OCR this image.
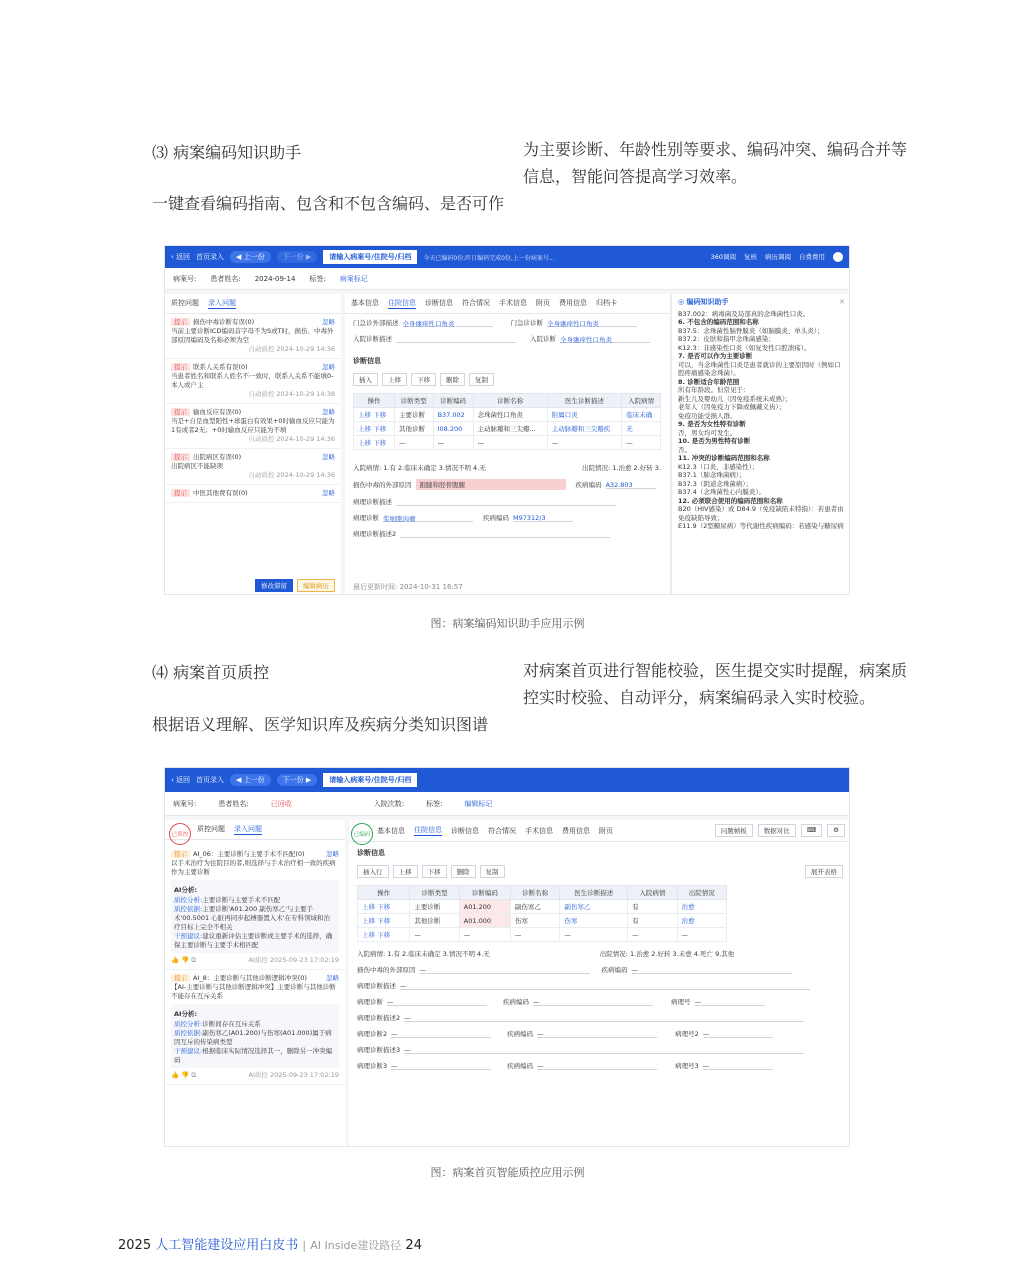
⑶ 病案编码知识助手
一键查看编码指南、包含和不包含编码、是否可作
为主要诊断、年龄性别等要求、编码冲突、编码合并等
信息，智能问答提高学习效率。
‹ 返回 首页录入	◀ 上一份	下一份 ▶	请输入病案号/住院号/归档	今天已编码0份,昨日编码完成0份,上一份病案号...	360调阅 复核 病历调阅 自费费用
病案号: 患者姓名: 2024-09-14 标签: 病案标记
质控问题 录入问题
提示 损伤中毒诊断有误(0)	忽略
当前主要诊断ICD编码首字母不为S或T时，损伤、中毒外部原因编码及名称必须为空
自动质控 2024-10-29 14:36
提示 联系人关系有误(0)	忽略
当患者姓名和联系人姓名不一致时，联系人关系不能填0-本人或户主
自动质控 2024-10-29 14:38
提示 输血反应有误(0)	忽略
当是+自是血型阳性+球蛋白有效果+0时输血反应只能为1有或者2无；+0时输血反应只能为不填
自动质控 2024-10-29 14:36
提示 出院病区有误(0)	忽略
出院病区不能缺项
自动质控 2024-10-29 14:36
提示 中医其他费有误(0)	忽略
修改滞留	编辑病历
基本信息 住院信息 诊断信息 符合情况 手术信息 附页 费用信息 归档卡
门急诊外部描述 全身瘙痒性口角炎	门急诊诊断 全身瘙痒性口角炎
入院诊断描述	入院诊断 全身瘙痒性口角炎
诊断信息
插入	上移	下移	删除	复制
操作	诊断类型	诊断编码	诊断名称	医生诊断描述	入院病情
上移 下移	主要诊断	B37.002	念珠菌性口角炎	附属口炎	临床未确
上移 下移	其他诊断	I08.200	主动脉瓣和三尖瓣...	主动脉瓣和三尖瓣疾	无
上移 下移	—	—	—	—	—
入院病情: 1.有 2.临床未确定 3.情况不明 4.无	出院情况: 1.治愈 2.好转 3.
损伤中毒的外部原因	跟腱和胫骨腹腿	疾病编码 A32.803
病理诊断描述
病理诊断 浆细胞肉瘤	疾病编码 M97312/3
病理诊断描述2
最后更新时间: 2024-10-31 16:57
◎ 编码知识助手	✕
B37.002：病毒菌及局部真的念珠菌性口炎。
6. 不包含的编码范围和名称
B37.5：念珠菌性脑脊膜炎（如脑膜炎、单头炎）；
B37.2：皮肤和指甲念珠菌感染；
K12.3：非感染性口炎（如复发性口腔溃疡）。
7. 是否可以作为主要诊断
可以，当念珠菌性口炎是患者就诊的主要原因时（例如口腔疼痛感染念珠菌）。
8. 诊断适合年龄范围
所有年龄段。但常见于：
新生儿及婴幼儿（因免疫系统未成熟）；
老年人（因免疫力下降或佩戴义齿）；
免疫功能受损人群。
9. 是否为女性特有诊断
否，男女均可发生。
10. 是否为男性特有诊断
否。
11. 冲突的诊断编码范围和名称
K12.3（口炎、非感染性）；
B37.1（肺念珠菌病）；
B37.3（阴道念珠菌病）；
B37.4（念珠菌性心内膜炎）。
12. 必须联合使用的编码范围和名称
B20（HIV感染）或 D84.9（免疫缺陷未特指）：若患者由免疫缺陷导致；
E11.9（2型糖尿病）等代谢性疾病编码：若感染与糖尿病
图：病案编码知识助手应用示例
⑷ 病案首页质控
根据语义理解、医学知识库及疾病分类知识图谱
对病案首页进行智能校验，医生提交实时提醒，病案质
控实时校验、自动评分，病案编码录入实时校验。
‹ 返回 首页录入	◀ 上一份	下一份 ▶	请输入病案号/住院号/归档
病案号:	患者姓名:	已回收	入院次数:	标签:	编辑标记
已质控
质控问题 录入问题
提示 AI_06：主要诊断与主要手术不匹配(0)	忽略
以手术治疗为住院目的者,则选择与手术治疗相一致的疾病作为主要诊断
AI分析:
质控分析:主要诊断与主要手术不匹配
质控依据:主要诊断'A01.200 副伤寒乙'与主要手术'00.5001 心脏再同步起搏器置入术'在专科领域和治疗目标上完全不相关
干预建议:建议重新评估主要诊断或主要手术的选择，确保主要诊断与主要手术相匹配
👍 👎 ⧉	AI质控 2025-09-23 17:02:19
提示 AI_8：主要诊断与其他诊断逻辑冲突(0)	忽略
【AI-主要诊断与其他诊断逻辑冲突】主要诊断与其他诊断不能存在互斥关系
AI分析:
质控分析:诊断间存在互斥关系
质控依据:副伤寒乙(A01.200)与伤寒(A01.000)属于病因互斥的传染病类型
干预建议:根据临床实际情况选择其一，删除另一冲突编码
👍 👎 ⧉	AI质控 2025-09-23 17:02:19
已编码
基本信息 住院信息 诊断信息 符合情况 手术信息 费用信息 附页	问题帧板	数据对比	⌨	⚙
诊断信息
插入行	上移	下移	删除	复制	展开表格
操作	诊断类型	诊断编码	诊断名称	医生诊断描述	入院病情	出院情况
上移 下移	主要诊断	A01.200	副伤寒乙	副伤寒乙	有	治愈
上移 下移	其他诊断	A01.000	伤寒	伤寒	有	治愈
上移 下移	—	—	—	—	—	—
入院病情: 1.有 2.临床未确定 3.情况不明 4.无	出院情况: 1.治愈 2.好转 3.未愈 4.死亡 9.其他
损伤中毒的外部原因 —	疾病编码 —
病理诊断描述 —
病理诊断 —	疾病编码 —	病理号 —
病理诊断描述2 —
病理诊断2 —	疾病编码 —	病理号2 —
病理诊断描述3 —
病理诊断3 —	疾病编码 —	病理号3 —
图：病案首页智能质控应用示例
2025 人工智能建设应用白皮书 | AI Inside建设路径 24
